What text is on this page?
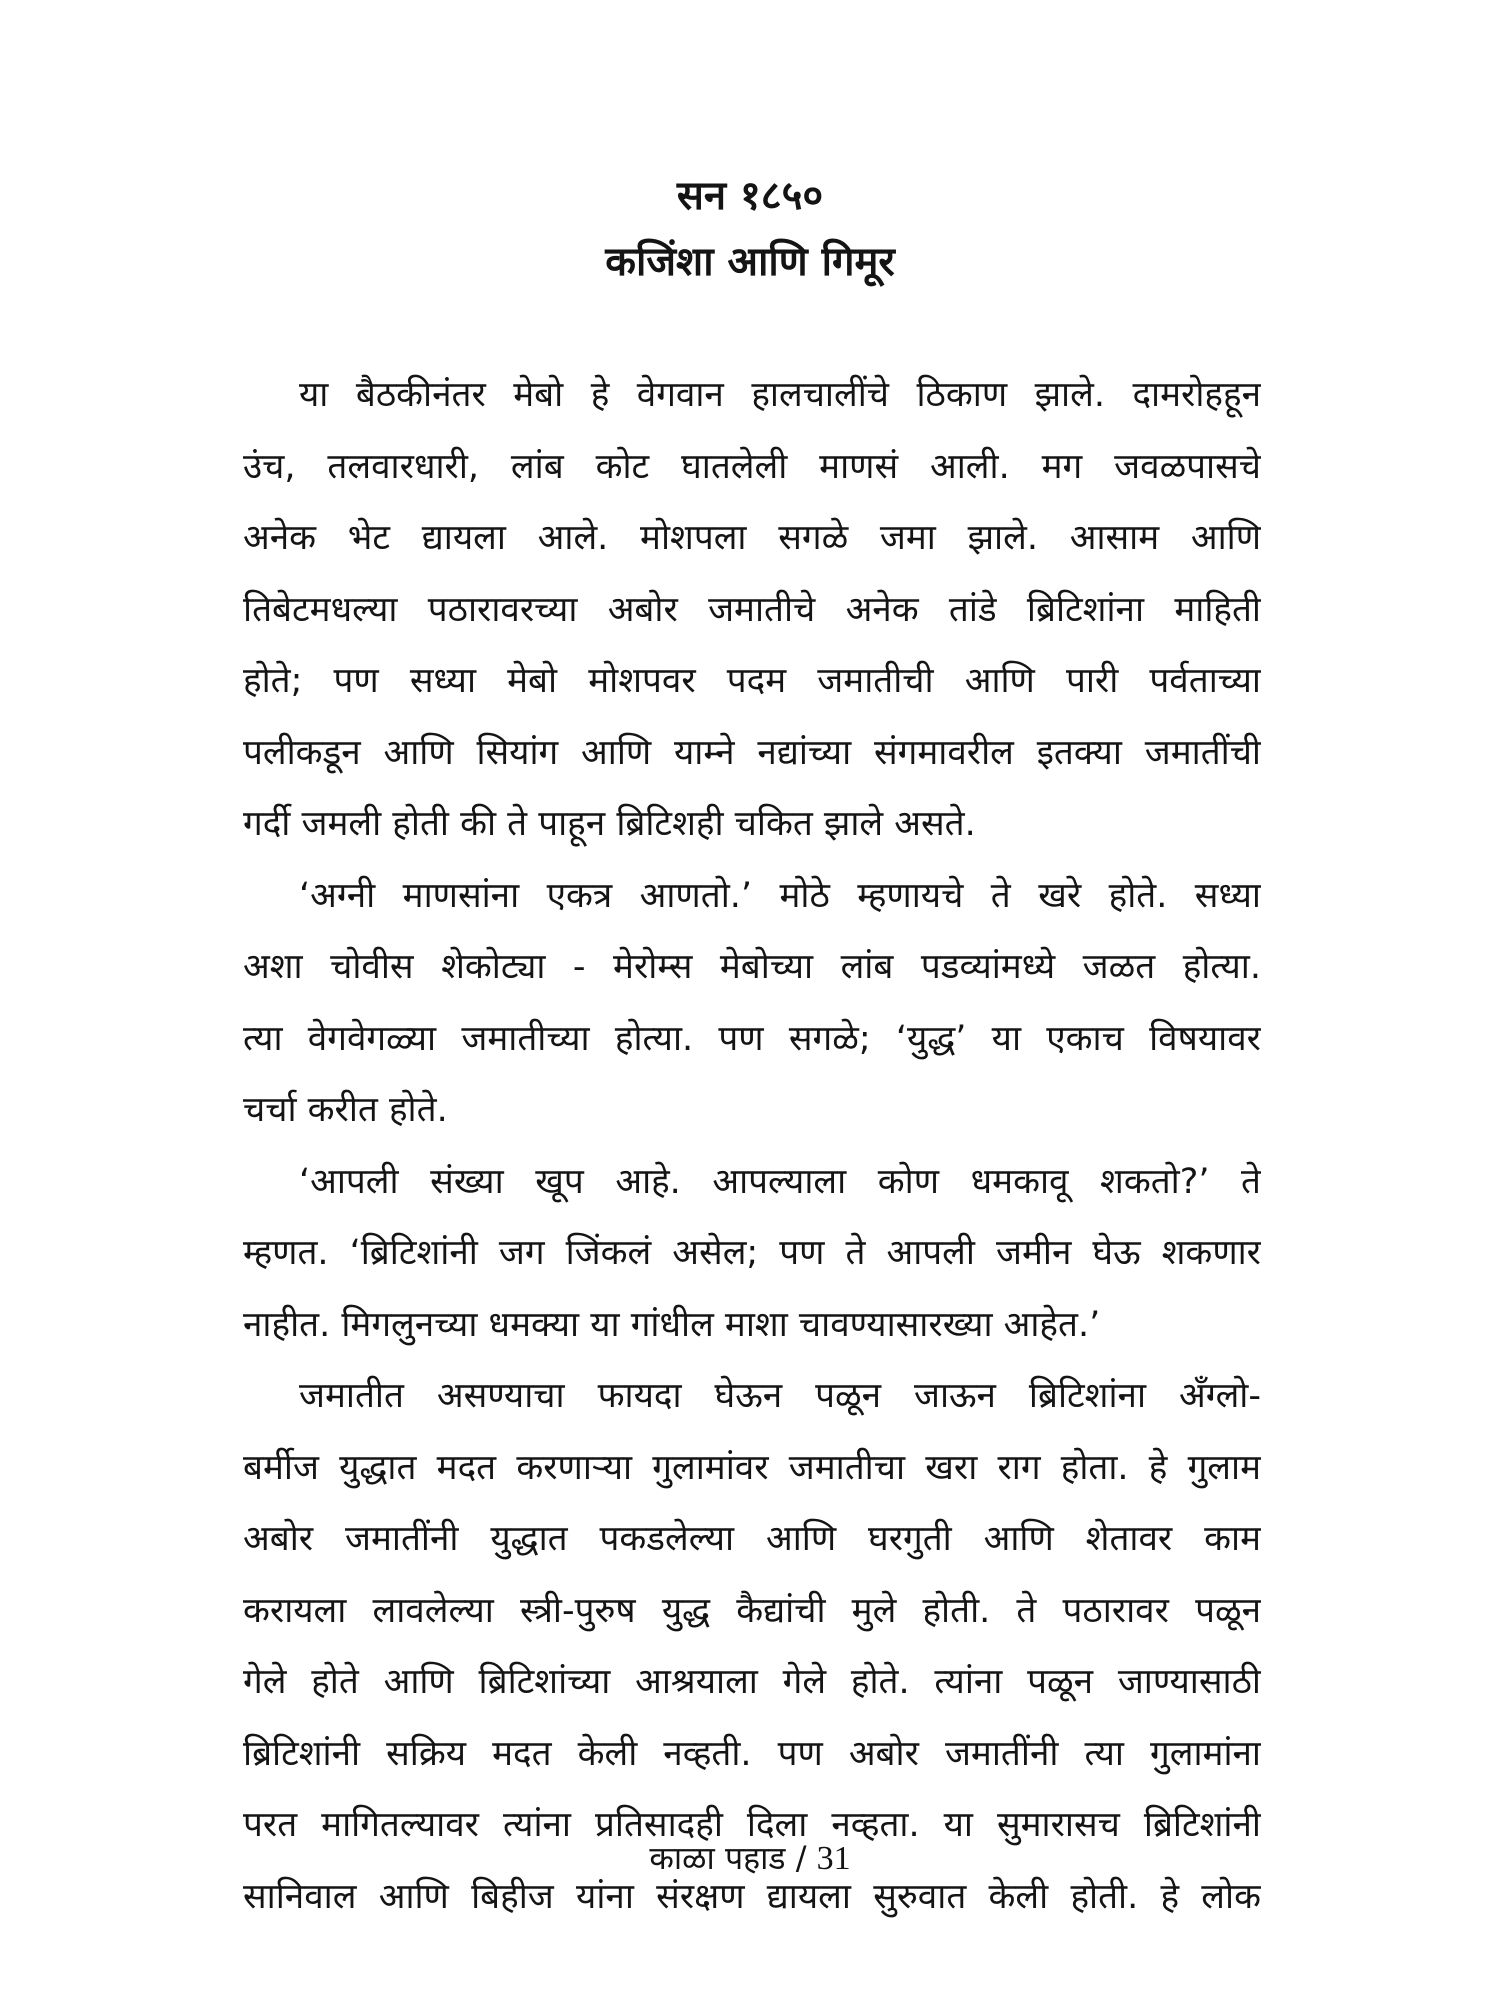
सन १८५०
कजिंशा आणि गिमूर
या बैठकीनंतर मेबो हे वेगवान हालचालींचे ठिकाण झाले. दामरोहहून
उंच, तलवारधारी, लांब कोट घातलेली माणसं आली. मग जवळपासचे
अनेक भेट द्यायला आले. मोशपला सगळे जमा झाले. आसाम आणि
तिबेटमधल्या पठारावरच्या अबोर जमातीचे अनेक तांडे ब्रिटिशांना माहिती
होते; पण सध्या मेबो मोशपवर पदम जमातीची आणि पारी पर्वताच्या
पलीकडून आणि सियांग आणि याम्ने नद्यांच्या संगमावरील इतक्या जमातींची
गर्दी जमली होती की ते पाहून ब्रिटिशही चकित झाले असते.
‘अग्नी माणसांना एकत्र आणतो.’ मोठे म्हणायचे ते खरे होते. सध्या
अशा चोवीस शेकोट्या - मेरोम्स मेबोच्या लांब पडव्यांमध्ये जळत होत्या.
त्या वेगवेगळ्या जमातीच्या होत्या. पण सगळे; ‘युद्ध’ या एकाच विषयावर
चर्चा करीत होते.
‘आपली संख्या खूप आहे. आपल्याला कोण धमकावू शकतो?’ ते
म्हणत. ‘ब्रिटिशांनी जग जिंकलं असेल; पण ते आपली जमीन घेऊ शकणार
नाहीत. मिगलुनच्या धमक्या या गांधील माशा चावण्यासारख्या आहेत.’
जमातीत असण्याचा फायदा घेऊन पळून जाऊन ब्रिटिशांना अँग्लो-
बर्मीज युद्धात मदत करणाऱ्या गुलामांवर जमातीचा खरा राग होता. हे गुलाम
अबोर जमातींनी युद्धात पकडलेल्या आणि घरगुती आणि शेतावर काम
करायला लावलेल्या स्त्री-पुरुष युद्ध कैद्यांची मुले होती. ते पठारावर पळून
गेले होते आणि ब्रिटिशांच्या आश्रयाला गेले होते. त्यांना पळून जाण्यासाठी
ब्रिटिशांनी सक्रिय मदत केली नव्हती. पण अबोर जमातींनी त्या गुलामांना
परत मागितल्यावर त्यांना प्रतिसादही दिला नव्हता. या सुमारासच ब्रिटिशांनी
सानिवाल आणि बिहीज यांना संरक्षण द्यायला सुरुवात केली होती. हे लोक
काळा पहाड / 31
